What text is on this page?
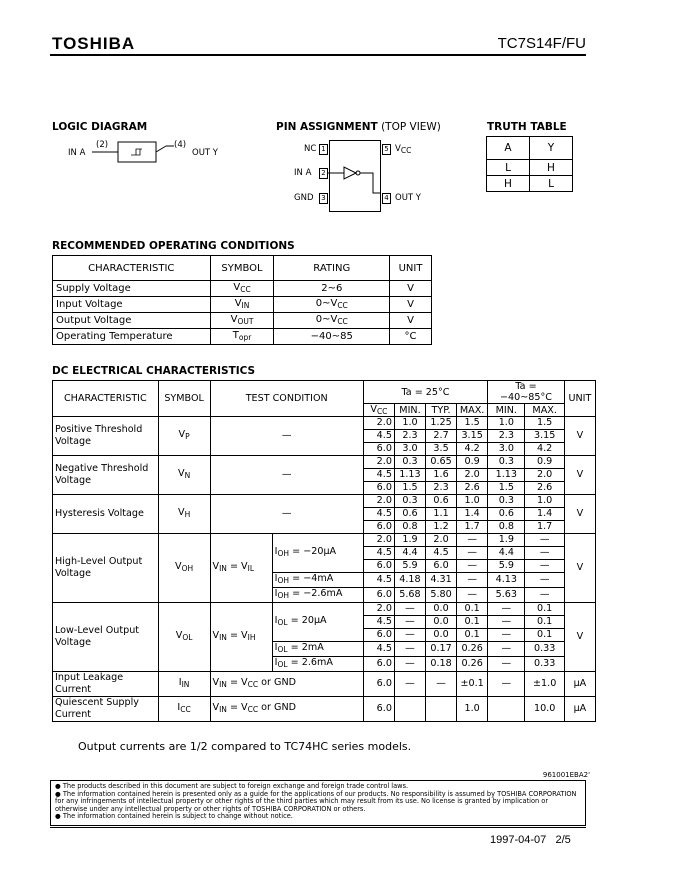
TOSHIBA	TC7S14F/FU
LOGIC DIAGRAM
IN A
(2)	(4)
OUT Y
PIN ASSIGNMENT (TOP VIEW)
NC
IN A
GND
1
2
3
5
4
$V_{CC}$
OUT Y
TRUTH TABLE
A	Y
L	H
H	L
RECOMMENDED OPERATING CONDITIONS
CHARACTERISTIC	SYMBOL	RATING	UNIT
Supply Voltage	$V_{CC}$	2~6	V
Input Voltage	$V_{IN}$	$0\sim V_{CC}$	V
Output Voltage	$V_{OUT}$	$0\sim V_{CC}$	V
Operating Temperature	$T_{opr}$	−40~85	°C
DC ELECTRICAL CHARACTERISTICS
CHARACTERISTIC	SYMBOL	TEST CONDITION		Ta = 25°C				Ta = −40~85°C		UNIT
				$V_{CC}$	MIN.	TYP.	MAX.	MIN.	MAX.	
Positive Threshold Voltage	$V_P$	—		2.0	1.0	1.25	1.5	1.0	1.5	V
				4.5	2.3	2.7	3.15	2.3	3.15	
				6.0	3.0	3.5	4.2	3.0	4.2	
Negative Threshold Voltage	$V_N$	—		2.0	0.3	0.65	0.9	0.3	0.9	V
				4.5	1.13	1.6	2.0	1.13	2.0	
				6.0	1.5	2.3	2.6	1.5	2.6	
Hysteresis Voltage	$V_H$	—		2.0	0.3	0.6	1.0	0.3	1.0	V
				4.5	0.6	1.1	1.4	0.6	1.4	
				6.0	0.8	1.2	1.7	0.8	1.7	
High-Level Output Voltage	$V_{OH}$	$V_{IN} = V_{IL}$	$I_{OH} = -20\mu A$	2.0	1.9	2.0	—	1.9	—	V
				4.5	4.4	4.5	—	4.4	—	
				6.0	5.9	6.0	—	5.9	—	
			$I_{OH} = -4mA$	4.5	4.18	4.31	—	4.13	—	
			$I_{OH} = -2.6mA$	6.0	5.68	5.80	—	5.63	—	
Low-Level Output Voltage	$V_{OL}$	$V_{IN} = V_{IH}$	$I_{OL} = 20\mu A$	2.0	—	0.0	0.1	—	0.1	V
				4.5	—	0.0	0.1	—	0.1	
				6.0	—	0.0	0.1	—	0.1	
			$I_{OL} = 2mA$	4.5	—	0.17	0.26	—	0.33	
			$I_{OL} = 2.6mA$	6.0	—	0.18	0.26	—	0.33	
Input Leakage Current	$I_{IN}$	$V_{IN} = V_{CC}$ or GND		6.0	—	—	±0.1	—	±1.0	μA
Quiescent Supply Current	$I_{CC}$	$V_{IN} = V_{CC}$ or GND		6.0			1.0		10.0	μA
Output currents are 1/2 compared to TC74HC series models.
961001EBA2'
● The products described in this document are subject to foreign exchange and foreign trade control laws.
● The information contained herein is presented only as a guide for the applications of our products. No responsibility is assumed by TOSHIBA CORPORATION for any infringements of intellectual property or other rights of the third parties which may result from its use. No license is granted by implication or otherwise under any intellectual property or other rights of TOSHIBA CORPORATION or others.
● The information contained herein is subject to change without notice.
1997-04-07 2/5
